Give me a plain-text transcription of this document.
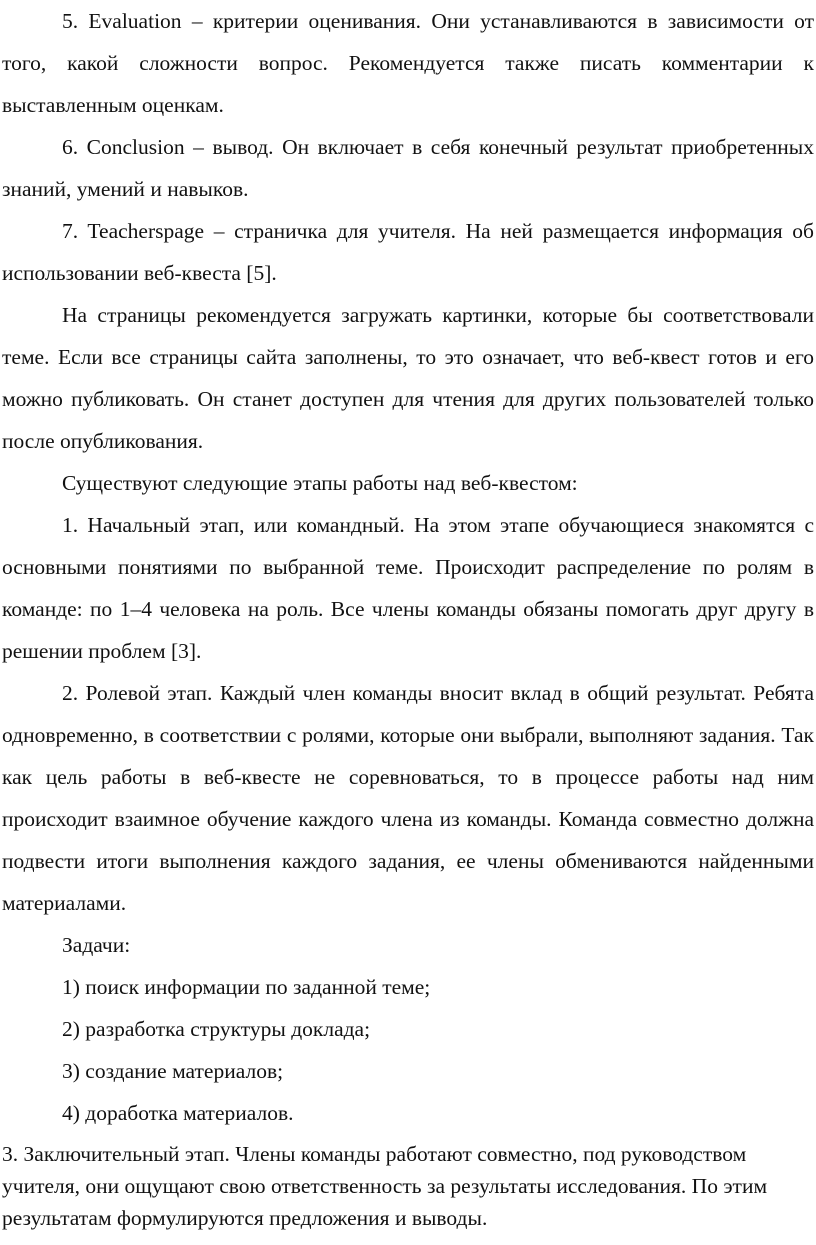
5. Evaluation – критерии оценивания. Они устанавливаются в зависимости от того, какой сложности вопрос. Рекомендуется также писать комментарии к выставленным оценкам.

6. Conclusion – вывод. Он включает в себя конечный результат приобретенных знаний, умений и навыков.

7. Teacherspage – страничка для учителя. На ней размещается информация об использовании веб-квеста [5].

На страницы рекомендуется загружать картинки, которые бы соответствовали теме. Если все страницы сайта заполнены, то это означает, что веб-квест готов и его можно публиковать. Он станет доступен для чтения для других пользователей только после опубликования.

Существуют следующие этапы работы над веб-квестом:

1. Начальный этап, или командный. На этом этапе обучающиеся знакомятся с основными понятиями по выбранной теме. Происходит распределение по ролям в команде: по 1–4 человека на роль. Все члены команды обязаны помогать друг другу в решении проблем [3].

2. Ролевой этап. Каждый член команды вносит вклад в общий результат. Ребята одновременно, в соответствии с ролями, которые они выбрали, выполняют задания. Так как цель работы в веб-квесте не соревноваться, то в процессе работы над ним происходит взаимное обучение каждого члена из команды. Команда совместно должна подвести итоги выполнения каждого задания, ее члены обмениваются найденными материалами.

Задачи:

1) поиск информации по заданной теме;

2) разработка структуры доклада;

3) создание материалов;

4) доработка материалов.

3. Заключительный этап. Члены команды работают совместно, под руководством учителя, они ощущают свою ответственность за результаты исследования. По этим результатам формулируются предложения и выводы.
